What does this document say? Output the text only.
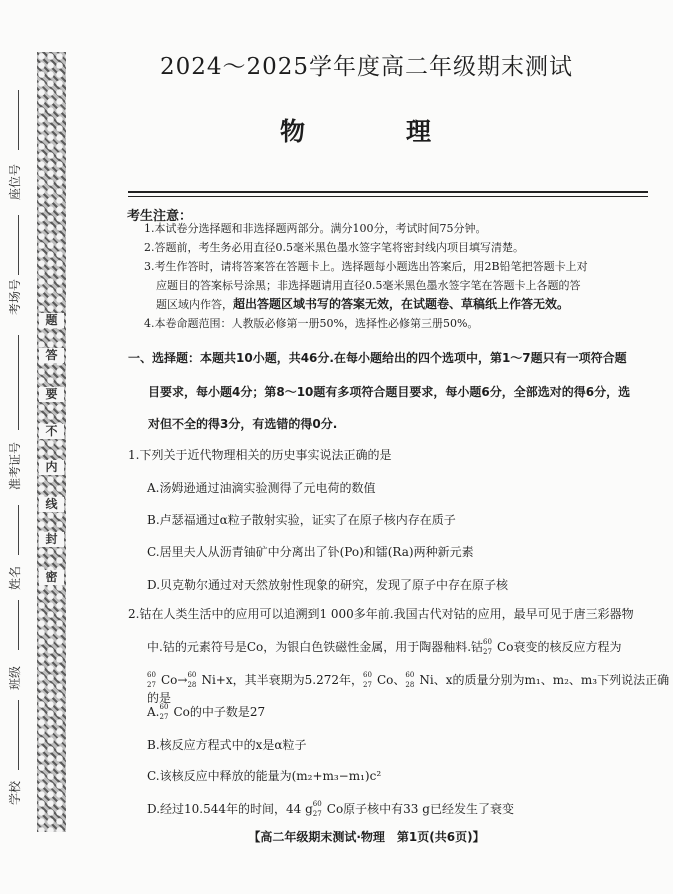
题
答
要
不
内
线
封
密
座位号
考场号
准考证号
姓名
班级
学校
2024～2025学年度高二年级期末测试
物　理
考生注意：
1.本试卷分选择题和非选择题两部分。满分100分，考试时间75分钟。
2.答题前，考生务必用直径0.5毫米黑色墨水签字笔将密封线内项目填写清楚。
3.考生作答时，请将答案答在答题卡上。选择题每小题选出答案后，用2B铅笔把答题卡上对
应题目的答案标号涂黑；非选择题请用直径0.5毫米黑色墨水签字笔在答题卡上各题的答
题区域内作答，超出答题区域书写的答案无效，在试题卷、草稿纸上作答无效。
4.本卷命题范围：人教版必修第一册50%，选择性必修第三册50%。
一、选择题：本题共10小题，共46分.在每小题给出的四个选项中，第1～7题只有一项符合题
目要求，每小题4分；第8～10题有多项符合题目要求，每小题6分，全部选对的得6分，选
对但不全的得3分，有选错的得0分.
1.下列关于近代物理相关的历史事实说法正确的是
A.汤姆逊通过油滴实验测得了元电荷的数值
B.卢瑟福通过α粒子散射实验，证实了在原子核内存在质子
C.居里夫人从沥青铀矿中分离出了钋(Po)和镭(Ra)两种新元素
D.贝克勒尔通过对天然放射性现象的研究，发现了原子中存在原子核
2.钴在人类生活中的应用可以追溯到1 000多年前.我国古代对钴的应用，最早可见于唐三彩器物
中.钴的元素符号是Co，为银白色铁磁性金属，用于陶器釉料.钴 60
27 Co衰变的核反应方程为
60
27 Co→ 60
28 Ni+x，其半衰期为5.272年， 60
27 Co、 60
28 Ni、x的质量分别为m₁、m₂、m₃下列说法正确的是
A. 60
27 Co的中子数是27
B.核反应方程式中的x是α粒子
C.该核反应中释放的能量为(m₂+m₃−m₁)c²
D.经过10.544年的时间，44 g 60
27 Co原子核中有33 g已经发生了衰变
【高二年级期末测试·物理　第1页(共6页)】
